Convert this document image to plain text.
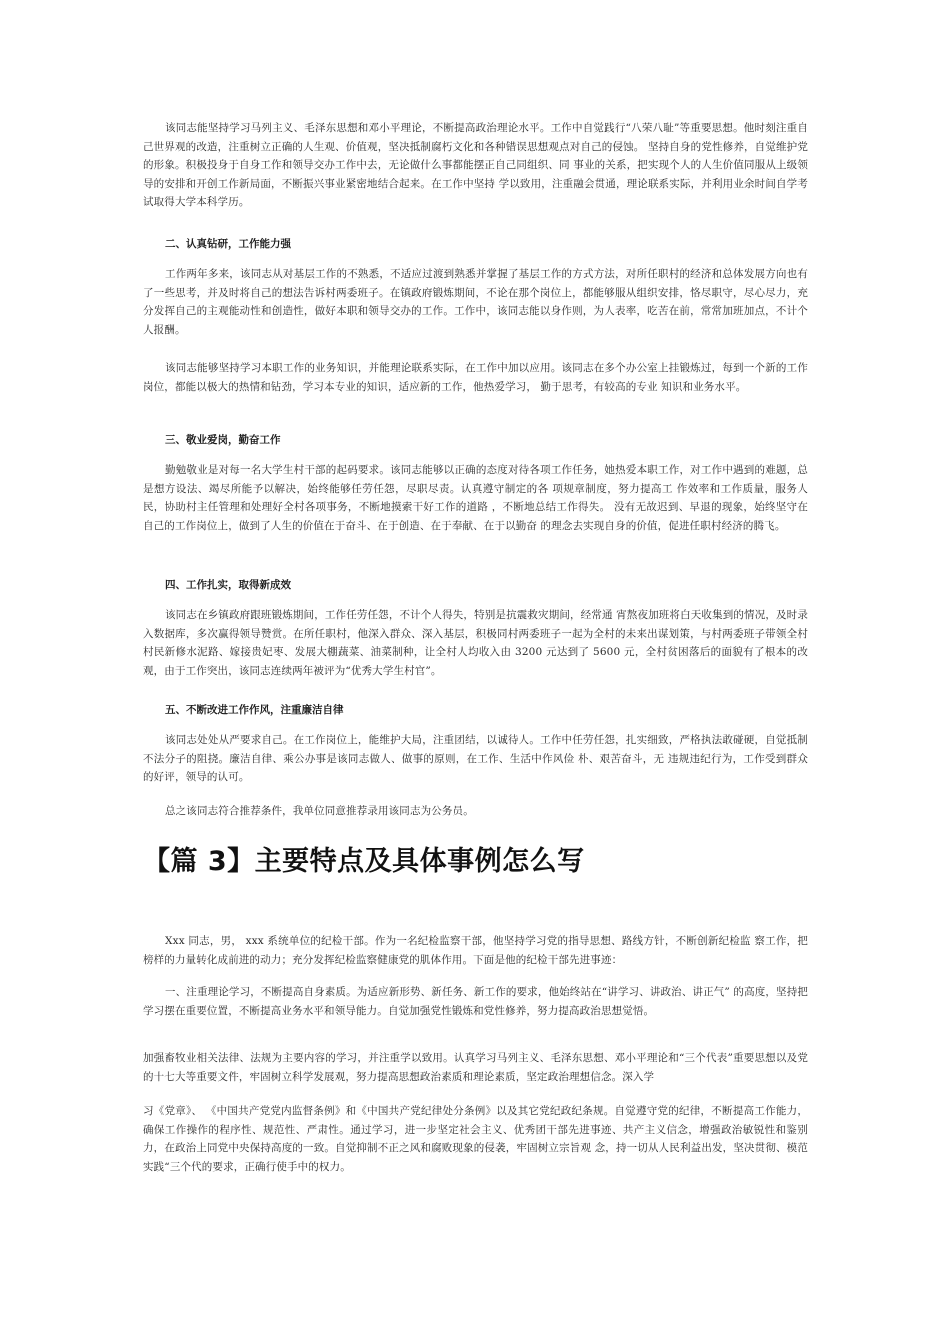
该同志能坚持学习马列主义、毛泽东思想和邓小平理论，不断提高政治理论水平。工作中自觉践行“八荣八耻”等重要思想。他时刻注重自己世界观的改造，注重树立正确的人生观、价值观，坚决抵制腐朽文化和各种错误思想观点对自己的侵蚀。 坚持自身的党性修养，自觉维护党的形象。积极投身于自身工作和领导交办工作中去，无论做什么事都能摆正自己同组织、同 事业的关系，把实现个人的人生价值同服从上级领导的安排和开创工作新局面，不断振兴事业紧密地结合起来。在工作中坚持 学以致用，注重融会贯通，理论联系实际，并利用业余时间自学考试取得大学本科学历。

二、认真钻研，工作能力强

工作两年多来，该同志从对基层工作的不熟悉，不适应过渡到熟悉并掌握了基层工作的方式方法，对所任职村的经济和总体发展方向也有了一些思考，并及时将自己的想法告诉村两委班子。在镇政府锻炼期间，不论在那个岗位上，都能够服从组织安排，恪尽职守，尽心尽力，充分发挥自己的主观能动性和创造性，做好本职和领导交办的工作。工作中，该同志能以身作则，为人表率，吃苦在前，常常加班加点，不计个人报酬。

该同志能够坚持学习本职工作的业务知识，并能理论联系实际，在工作中加以应用。该同志在多个办公室上挂锻炼过，每到一个新的工作岗位，都能以极大的热情和钻劲，学习本专业的知识，适应新的工作，他热爱学习， 勤于思考，有较高的专业 知识和业务水平。

三、敬业爱岗，勤奋工作

勤勉敬业是对每一名大学生村干部的起码要求。该同志能够以正确的态度对待各项工作任务，她热爱本职工作，对工作中遇到的难题，总是想方设法、竭尽所能予以解决，始终能够任劳任怨，尽职尽责。认真遵守制定的各 项规章制度，努力提高工 作效率和工作质量，服务人民，协助村主任管理和处理好全村各项事务，不断地摸索干好工作的道路 ，不断地总结工作得失。 没有无故迟到、早退的现象，始终坚守在自己的工作岗位上，做到了人生的价值在于奋斗、在于创造、在于奉献、在于以勤奋 的理念去实现自身的价值，促进任职村经济的腾飞。

四、工作扎实，取得新成效

该同志在乡镇政府跟班锻炼期间，工作任劳任怨，不计个人得失，特别是抗震救灾期间，经常通 宵熬夜加班将白天收集到的情况，及时录入数据库，多次赢得领导赞赏。在所任职村，他深入群众、深入基层，积极同村两委班子一起为全村的未来出谋划策，与村两委班子带领全村村民新修水泥路、嫁接贵妃枣、发展大棚蔬菜、油菜制种，让全村人均收入由 3200 元达到了 5600 元，全村贫困落后的面貌有了根本的改观，由于工作突出，该同志连续两年被评为“优秀大学生村官”。

五、不断改进工作作风，注重廉洁自律

该同志处处从严要求自己。在工作岗位上，能维护大局，注重团结，以诚待人。工作中任劳任怨，扎实细致，严格执法敢碰硬，自觉抵制不法分子的阻挠。廉洁自律、乘公办事是该同志做人、做事的原则，在工作、生活中作风俭 朴、艰苦奋斗，无 违规违纪行为，工作受到群众的好评，领导的认可。

总之该同志符合推荐条件，我单位同意推荐录用该同志为公务员。

【篇 3】主要特点及具体事例怎么写

Xxx 同志，男， xxx 系统单位的纪检干部。作为一名纪检监察干部，他坚持学习党的指导思想、路线方针，不断创新纪检监 察工作，把榜样的力量转化成前进的动力；充分发挥纪检监察健康党的肌体作用。下面是他的纪检干部先进事迹：

一、注重理论学习，不断提高自身素质。为适应新形势、新任务、新工作的要求，他始终站在“讲学习、讲政治、讲正气” 的高度，坚持把学习摆在重要位置，不断提高业务水平和领导能力。自觉加强党性锻炼和党性修养，努力提高政治思想觉悟。

加强畜牧业相关法律、法规为主要内容的学习，并注重学以致用。认真学习马列主义、毛泽东思想、邓小平理论和“三个代表”重要思想以及党的十七大等重要文件，牢固树立科学发展观，努力提高思想政治素质和理论素质，坚定政治理想信念。深入学

习《党章》、 《中国共产党党内监督条例》和《中国共产党纪律处分条例》以及其它党纪政纪条规。自觉遵守党的纪律，不断提高工作能力，确保工作操作的程序性、规范性、严肃性。通过学习，进一步坚定社会主义、优秀团干部先进事迹、共产主义信念，增强政治敏锐性和鉴别力，在政治上同党中央保持高度的一致。自觉抑制不正之风和腐败现象的侵袭，牢固树立宗旨观 念，持一切从人民利益出发，坚决贯彻、模范实践“三个代的要求，正确行使手中的权力。
